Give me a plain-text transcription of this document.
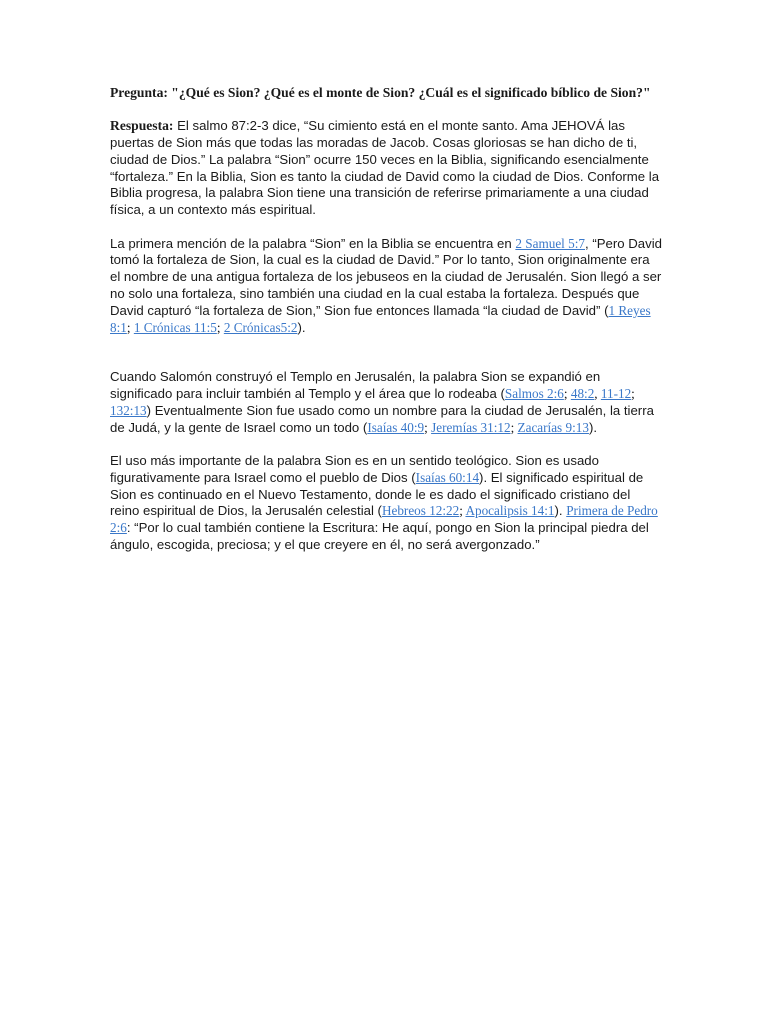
Pregunta: "¿Qué es Sion? ¿Qué es el monte de Sion? ¿Cuál es el significado bíblico de Sion?"

Respuesta: El salmo 87:2-3 dice, “Su cimiento está en el monte santo. Ama JEHOVÁ las puertas de Sion más que todas las moradas de Jacob. Cosas gloriosas se han dicho de ti, ciudad de Dios.” La palabra “Sion” ocurre 150 veces en la Biblia, significando esencialmente “fortaleza.” En la Biblia, Sion es tanto la ciudad de David como la ciudad de Dios. Conforme la Biblia progresa, la palabra Sion tiene una transición de referirse primariamente a una ciudad física, a un contexto más espiritual.

La primera mención de la palabra “Sion” en la Biblia se encuentra en 2 Samuel 5:7, “Pero David tomó la fortaleza de Sion, la cual es la ciudad de David.” Por lo tanto, Sion originalmente era el nombre de una antigua fortaleza de los jebuseos en la ciudad de Jerusalén. Sion llegó a ser no solo una fortaleza, sino también una ciudad en la cual estaba la fortaleza. Después que David capturó “la fortaleza de Sion,” Sion fue entonces llamada “la ciudad de David” (1 Reyes 8:1; 1 Crónicas 11:5; 2 Crónicas5:2).

Cuando Salomón construyó el Templo en Jerusalén, la palabra Sion se expandió en significado para incluir también al Templo y el área que lo rodeaba (Salmos 2:6; 48:2, 11-12; 132:13) Eventualmente Sion fue usado como un nombre para la ciudad de Jerusalén, la tierra de Judá, y la gente de Israel como un todo (Isaías 40:9; Jeremías 31:12; Zacarías 9:13).

El uso más importante de la palabra Sion es en un sentido teológico. Sion es usado figurativamente para Israel como el pueblo de Dios (Isaías 60:14). El significado espiritual de Sion es continuado en el Nuevo Testamento, donde le es dado el significado cristiano del reino espiritual de Dios, la Jerusalén celestial (Hebreos 12:22; Apocalipsis 14:1). Primera de Pedro 2:6: “Por lo cual también contiene la Escritura: He aquí, pongo en Sion la principal piedra del ángulo, escogida, preciosa; y el que creyere en él, no será avergonzado.”
